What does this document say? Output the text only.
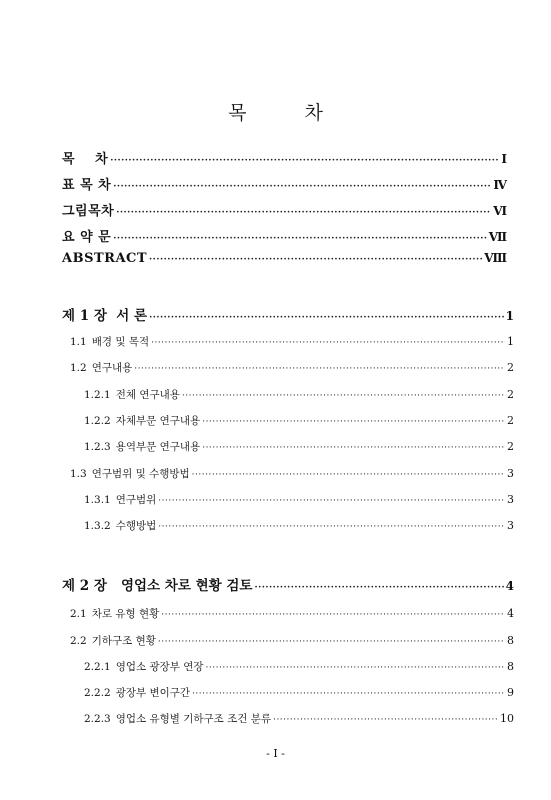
목 차
목    차 ·····	I
표 목 차 ·····	Ⅳ
그림목차 ·····	Ⅵ
요 약 문 ·····	Ⅶ
ABSTRACT ·····	Ⅷ
제 1 장  서 론 ·····	1
1.1 배경 및 목적 ·····	1
1.2 연구내용 ·····	2
1.2.1 전체 연구내용 ·····	2
1.2.2 자체부문 연구내용 ·····	2
1.2.3 용역부문 연구내용 ·····	2
1.3 연구범위 및 수행방법 ·····	3
1.3.1 연구범위 ·····	3
1.3.2 수행방법 ·····	3
제 2 장   영업소 차로 현황 검토 ·····	4
2.1 차로 유형 현황 ·····	4
2.2 기하구조 현황 ·····	8
2.2.1 영업소 광장부 연장 ·····	8
2.2.2 광장부 변이구간 ·····	9
2.2.3 영업소 유형별 기하구조 조건 분류 ·····	10
- I -
